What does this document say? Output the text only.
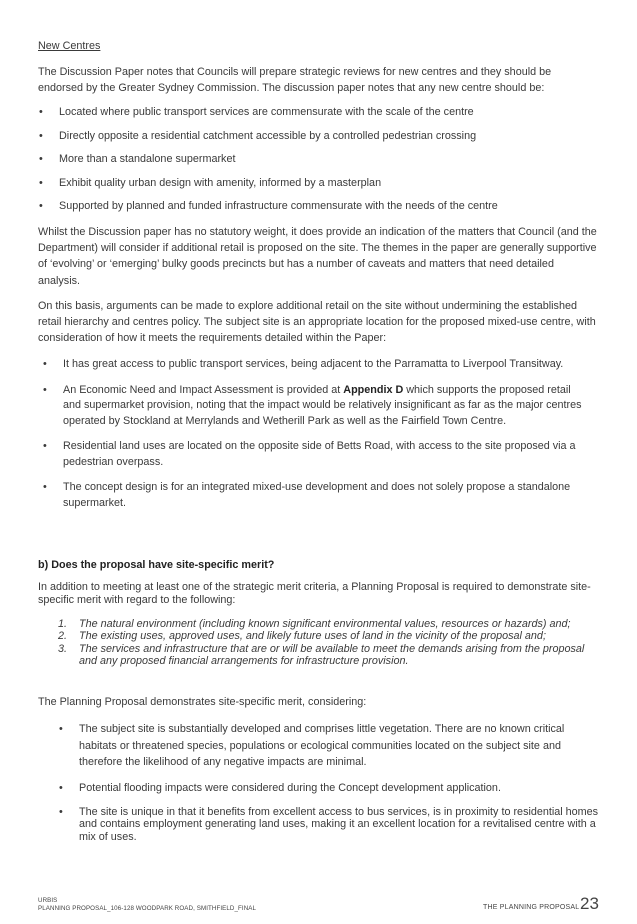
New Centres

The Discussion Paper notes that Councils will prepare strategic reviews for new centres and they should be endorsed by the Greater Sydney Commission. The discussion paper notes that any new centre should be:

• Located where public transport services are commensurate with the scale of the centre
• Directly opposite a residential catchment accessible by a controlled pedestrian crossing
• More than a standalone supermarket
• Exhibit quality urban design with amenity, informed by a masterplan
• Supported by planned and funded infrastructure commensurate with the needs of the centre

Whilst the Discussion paper has no statutory weight, it does provide an indication of the matters that Council (and the Department) will consider if additional retail is proposed on the site. The themes in the paper are generally supportive of ‘evolving’ or ‘emerging’ bulky goods precincts but has a number of caveats and matters that need detailed analysis.

On this basis, arguments can be made to explore additional retail on the site without undermining the established retail hierarchy and centres policy. The subject site is an appropriate location for the proposed mixed-use centre, with consideration of how it meets the requirements detailed within the Paper:

• It has great access to public transport services, being adjacent to the Parramatta to Liverpool Transitway.
• An Economic Need and Impact Assessment is provided at Appendix D which supports the proposed retail and supermarket provision, noting that the impact would be relatively insignificant as far as the major centres operated by Stockland at Merrylands and Wetherill Park as well as the Fairfield Town Centre.
• Residential land uses are located on the opposite side of Betts Road, with access to the site proposed via a pedestrian overpass.
• The concept design is for an integrated mixed-use development and does not solely propose a standalone supermarket.

b) Does the proposal have site-specific merit?

In addition to meeting at least one of the strategic merit criteria, a Planning Proposal is required to demonstrate site-specific merit with regard to the following:

1. The natural environment (including known significant environmental values, resources or hazards) and;
2. The existing uses, approved uses, and likely future uses of land in the vicinity of the proposal and;
3. The services and infrastructure that are or will be available to meet the demands arising from the proposal and any proposed financial arrangements for infrastructure provision.

The Planning Proposal demonstrates site-specific merit, considering:

• The subject site is substantially developed and comprises little vegetation. There are no known critical habitats or threatened species, populations or ecological communities located on the subject site and therefore the likelihood of any negative impacts are minimal.
• Potential flooding impacts were considered during the Concept development application.
• The site is unique in that it benefits from excellent access to bus services, is in proximity to residential homes and contains employment generating land uses, making it an excellent location for a revitalised centre with a mix of uses.
URBIS
PLANNING PROPOSAL_106-128 WOODPARK ROAD, SMITHFIELD_FINAL	THE PLANNING PROPOSAL 23
